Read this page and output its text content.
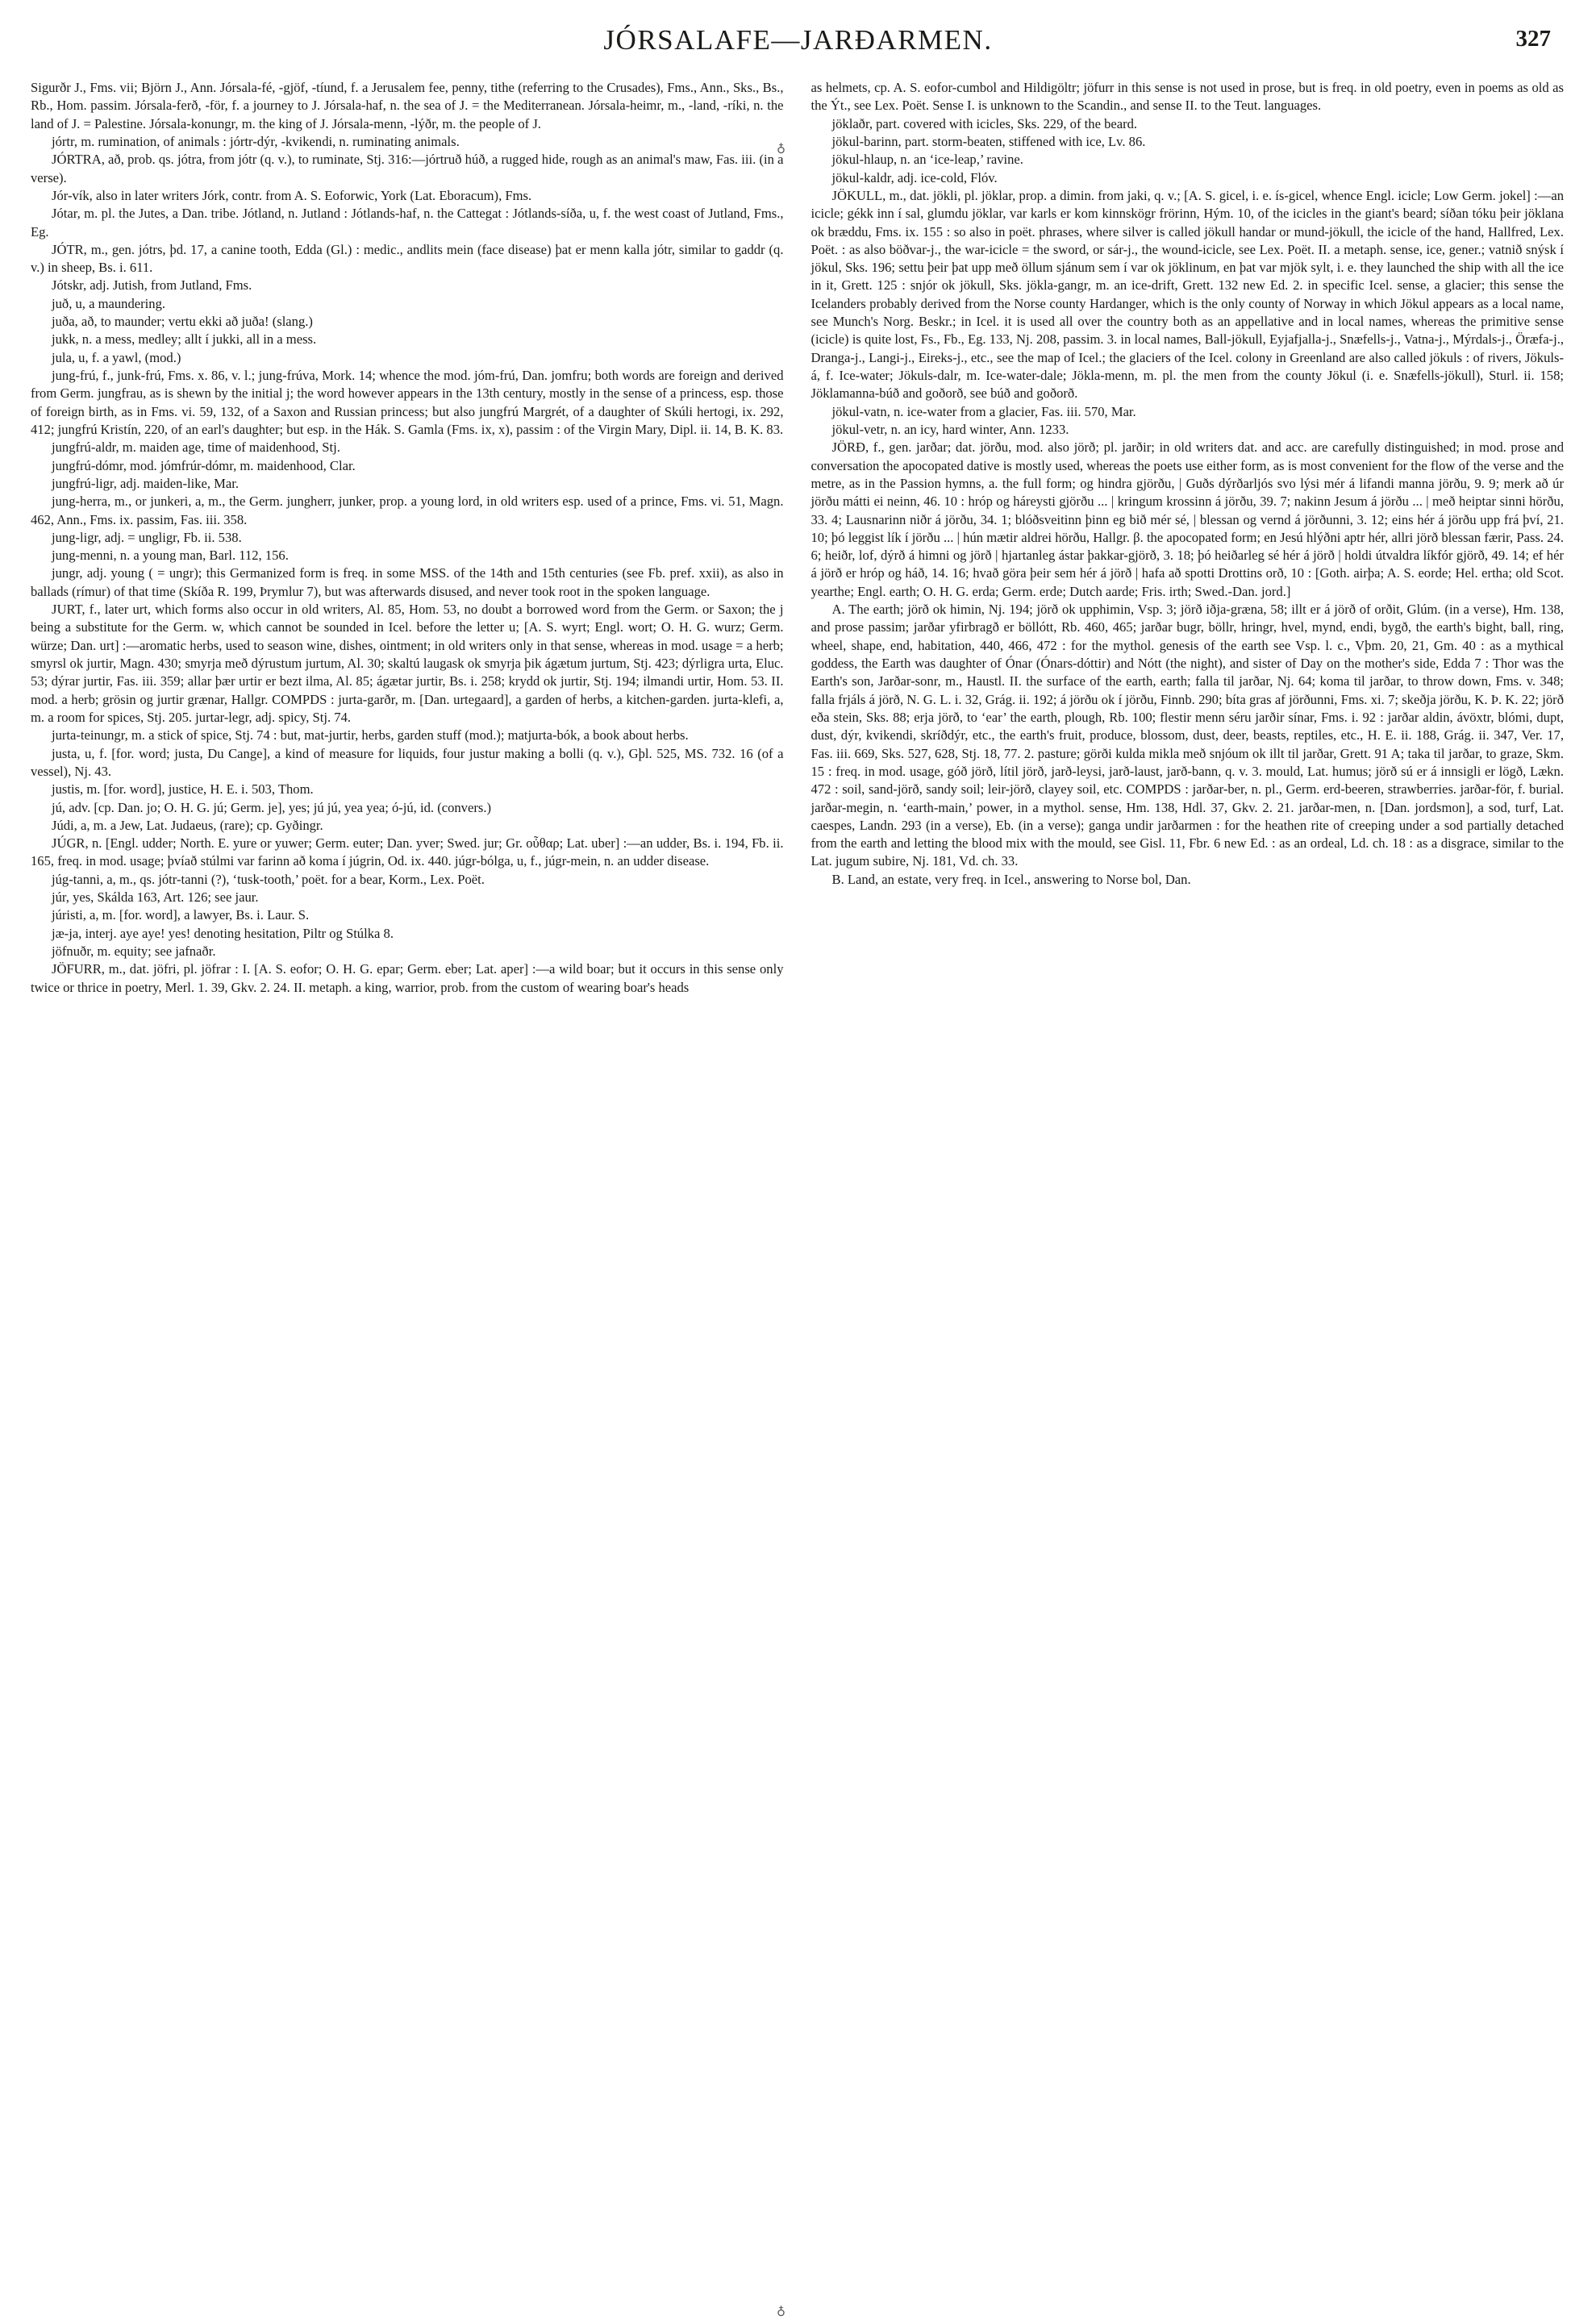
JÓRSALAFE—JARÐARMEN.	327
♁
♁

Sigurðr J., Fms. vii; Björn J., Ann. Jórsala-fé, -gjöf, -tíund, f. a Jerusalem fee, penny, tithe (referring to the Crusades), Fms., Ann., Sks., Bs., Rb., Hom. passim. Jórsala-ferð, -för, f. a journey to J. Jórsala-haf, n. the sea of J. = the Mediterranean. Jórsala-heimr, m., -land, -ríki, n. the land of J. = Palestine. Jórsala-konungr, m. the king of J. Jórsala-menn, -lýðr, m. the people of J.

jórtr, m. rumination, of animals : jórtr-dýr, -kvikendi, n. ruminating animals.

JÓRTRA, að, prob. qs. jótra, from jótr (q. v.), to ruminate, Stj. 316:—jórtruð húð, a rugged hide, rough as an animal's maw, Fas. iii. (in a verse).

Jór-vík, also in later writers Jórk, contr. from A. S. Eoforwic, York (Lat. Eboracum), Fms.

Jótar, m. pl. the Jutes, a Dan. tribe. Jótland, n. Jutland : Jótlands-haf, n. the Cattegat : Jótlands-síða, u, f. the west coast of Jutland, Fms., Eg.

JÓTR, m., gen. jótrs, þd. 17, a canine tooth, Edda (Gl.) : medic., andlits mein (face disease) þat er menn kalla jótr, similar to gaddr (q. v.) in sheep, Bs. i. 611.

Jótskr, adj. Jutish, from Jutland, Fms.

juð, u, a maundering.

juða, að, to maunder; vertu ekki að juða! (slang.)

jukk, n. a mess, medley; allt í jukki, all in a mess.

jula, u, f. a yawl, (mod.)

jung-frú, f., junk-frú, Fms. x. 86, v. l.; jung-frúva, Mork. 14; whence the mod. jóm-frú, Dan. jomfru; both words are foreign and derived from Germ. jungfrau, as is shewn by the initial j; the word however appears in the 13th century, mostly in the sense of a princess, esp. those of foreign birth, as in Fms. vi. 59, 132, of a Saxon and Russian princess; but also jungfrú Margrét, of a daughter of Skúli hertogi, ix. 292, 412; jungfrú Kristín, 220, of an earl's daughter; but esp. in the Hák. S. Gamla (Fms. ix, x), passim : of the Virgin Mary, Dipl. ii. 14, B. K. 83.

jungfrú-aldr, m. maiden age, time of maidenhood, Stj.

jungfrú-dómr, mod. jómfrúr-dómr, m. maidenhood, Clar.

jungfrú-ligr, adj. maiden-like, Mar.

jung-herra, m., or junkeri, a, m., the Germ. jungherr, junker, prop. a young lord, in old writers esp. used of a prince, Fms. vi. 51, Magn. 462, Ann., Fms. ix. passim, Fas. iii. 358.

jung-ligr, adj. = ungligr, Fb. ii. 538.

jung-menni, n. a young man, Barl. 112, 156.

jungr, adj. young ( = ungr); this Germanized form is freq. in some MSS. of the 14th and 15th centuries (see Fb. pref. xxii), as also in ballads (rímur) of that time (Skíða R. 199, Þrymlur 7), but was afterwards disused, and never took root in the spoken language.

JURT, f., later urt, which forms also occur in old writers, Al. 85, Hom. 53, no doubt a borrowed word from the Germ. or Saxon; the j being a substitute for the Germ. w, which cannot be sounded in Icel. before the letter u; [A. S. wyrt; Engl. wort; O. H. G. wurz; Germ. würze; Dan. urt] :—aromatic herbs, used to season wine, dishes, ointment; in old writers only in that sense, whereas in mod. usage = a herb; smyrsl ok jurtir, Magn. 430; smyrja með dýrustum jurtum, Al. 30; skaltú laugask ok smyrja þik ágætum jurtum, Stj. 423; dýrligra urta, Eluc. 53; dýrar jurtir, Fas. iii. 359; allar þær urtir er bezt ilma, Al. 85; ágætar jurtir, Bs. i. 258; krydd ok jurtir, Stj. 194; ilmandi urtir, Hom. 53. II. mod. a herb; grösin og jurtir grænar, Hallgr. COMPDS : jurta-garðr, m. [Dan. urtegaard], a garden of herbs, a kitchen-garden. jurta-klefi, a, m. a room for spices, Stj. 205. jurtar-legr, adj. spicy, Stj. 74.

jurta-teinungr, m. a stick of spice, Stj. 74 : but, mat-jurtir, herbs, garden stuff (mod.); matjurta-bók, a book about herbs.

justa, u, f. [for. word; justa, Du Cange], a kind of measure for liquids, four justur making a bolli (q. v.), Gþl. 525, MS. 732. 16 (of a vessel), Nj. 43.

justis, m. [for. word], justice, H. E. i. 503, Thom.

jú, adv. [cp. Dan. jo; O. H. G. jú; Germ. je], yes; jú jú, yea yea; ó-jú, id. (convers.)

Júdi, a, m. a Jew, Lat. Judaeus, (rare); cp. Gyðingr.

JÚGR, n. [Engl. udder; North. E. yure or yuwer; Germ. euter; Dan. yver; Swed. jur; Gr. οὖθαρ; Lat. uber] :—an udder, Bs. i. 194, Fb. ii. 165, freq. in mod. usage; þvíað stúlmi var farinn að koma í júgrin, Od. ix. 440. júgr-bólga, u, f., júgr-mein, n. an udder disease.

júg-tanni, a, m., qs. jótr-tanni (?), ‘tusk-tooth,’ poët. for a bear, Korm., Lex. Poët.

júr, yes, Skálda 163, Art. 126; see jaur.

júristi, a, m. [for. word], a lawyer, Bs. i. Laur. S.

jæ-ja, interj. aye aye! yes! denoting hesitation, Piltr og Stúlka 8.

jöfnuðr, m. equity; see jafnaðr.

JÖFURR, m., dat. jöfri, pl. jöfrar : I. [A. S. eofor; O. H. G. epar; Germ. eber; Lat. aper] :—a wild boar; but it occurs in this sense only twice or thrice in poetry, Merl. 1. 39, Gkv. 2. 24. II. metaph. a king, warrior, prob. from the custom of wearing boar's heads

as helmets, cp. A. S. eofor-cumbol and Hildigöltr; jöfurr in this sense is not used in prose, but is freq. in old poetry, even in poems as old as the Ýt., see Lex. Poët. Sense I. is unknown to the Scandin., and sense II. to the Teut. languages.

jöklaðr, part. covered with icicles, Sks. 229, of the beard.

jökul-barinn, part. storm-beaten, stiffened with ice, Lv. 86.

jökul-hlaup, n. an ‘ice-leap,’ ravine.

jökul-kaldr, adj. ice-cold, Flóv.

JÖKULL, m., dat. jökli, pl. jöklar, prop. a dimin. from jaki, q. v.; [A. S. gicel, i. e. ís-gicel, whence Engl. icicle; Low Germ. jokel] :—an icicle; gékk inn í sal, glumdu jöklar, var karls er kom kinnskögr frörinn, Hým. 10, of the icicles in the giant's beard; síðan tóku þeir jöklana ok bræddu, Fms. ix. 155 : so also in poët. phrases, where silver is called jökull handar or mund-jökull, the icicle of the hand, Hallfred, Lex. Poët. : as also böðvar-j., the war-icicle = the sword, or sár-j., the wound-icicle, see Lex. Poët. II. a metaph. sense, ice, gener.; vatnið snýsk í jökul, Sks. 196; settu þeir þat upp með öllum sjánum sem í var ok jöklinum, en þat var mjök sylt, i. e. they launched the ship with all the ice in it, Grett. 125 : snjór ok jökull, Sks. jökla-gangr, m. an ice-drift, Grett. 132 new Ed. 2. in specific Icel. sense, a glacier; this sense the Icelanders probably derived from the Norse county Hardanger, which is the only county of Norway in which Jökul appears as a local name, see Munch's Norg. Beskr.; in Icel. it is used all over the country both as an appellative and in local names, whereas the primitive sense (icicle) is quite lost, Fs., Fb., Eg. 133, Nj. 208, passim. 3. in local names, Ball-jökull, Eyjafjalla-j., Snæfells-j., Vatna-j., Mýrdals-j., Öræfa-j., Dranga-j., Langi-j., Eireks-j., etc., see the map of Icel.; the glaciers of the Icel. colony in Greenland are also called jökuls : of rivers, Jökuls-á, f. Ice-water; Jökuls-dalr, m. Ice-water-dale; Jökla-menn, m. pl. the men from the county Jökul (i. e. Snæfells-jökull), Sturl. ii. 158; Jöklamanna-búð and goðorð, see búð and goðorð.

jökul-vatn, n. ice-water from a glacier, Fas. iii. 570, Mar.

jökul-vetr, n. an icy, hard winter, Ann. 1233.

JÖRÐ, f., gen. jarðar; dat. jörðu, mod. also jörð; pl. jarðir; in old writers dat. and acc. are carefully distinguished; in mod. prose and conversation the apocopated dative is mostly used, whereas the poets use either form, as is most convenient for the flow of the verse and the metre, as in the Passion hymns, a. the full form; og hindra gjörðu, | Guðs dýrðarljós svo lýsi mér á lifandi manna jörðu, 9. 9; merk að úr jörðu mátti ei neinn, 46. 10 : hróp og háreysti gjörðu ... | kringum krossinn á jörðu, 39. 7; nakinn Jesum á jörðu ... | með heiptar sinni hörðu, 33. 4; Lausnarinn niðr á jörðu, 34. 1; blóðsveitinn þinn eg bið mér sé, | blessan og vernd á jörðunni, 3. 12; eins hér á jörðu upp frá því, 21. 10; þó leggist lík í jörðu ... | hún mætir aldrei hörðu, Hallgr. β. the apocopated form; en Jesú hlýðni aptr hér, allri jörð blessan færir, Pass. 24. 6; heiðr, lof, dýrð á himni og jörð | hjartanleg ástar þakkar-gjörð, 3. 18; þó heiðarleg sé hér á jörð | holdi útvaldra líkfór gjörð, 49. 14; ef hér á jörð er hróp og háð, 14. 16; hvað göra þeir sem hér á jörð | hafa að spotti Drottins orð, 10 : [Goth. airþa; A. S. eorde; Hel. ertha; old Scot. yearthe; Engl. earth; O. H. G. erda; Germ. erde; Dutch aarde; Fris. irth; Swed.-Dan. jord.]

A. The earth; jörð ok himin, Nj. 194; jörð ok upphimin, Vsp. 3; jörð iðja-græna, 58; illt er á jörð of orðit, Glúm. (in a verse), Hm. 138, and prose passim; jarðar yfirbragð er böllótt, Rb. 460, 465; jarðar bugr, böllr, hringr, hvel, mynd, endi, bygð, the earth's bight, ball, ring, wheel, shape, end, habitation, 440, 466, 472 : for the mythol. genesis of the earth see Vsp. l. c., Vþm. 20, 21, Gm. 40 : as a mythical goddess, the Earth was daughter of Ónar (Ónars-dóttir) and Nótt (the night), and sister of Day on the mother's side, Edda 7 : Thor was the Earth's son, Jarðar-sonr, m., Haustl. II. the surface of the earth, earth; falla til jarðar, Nj. 64; koma til jarðar, to throw down, Fms. v. 348; falla frjáls á jörð, N. G. L. i. 32, Grág. ii. 192; á jörðu ok í jörðu, Finnb. 290; bíta gras af jörðunni, Fms. xi. 7; skeðja jörðu, K. Þ. K. 22; jörð eða stein, Sks. 88; erja jörð, to ‘ear’ the earth, plough, Rb. 100; flestir menn séru jarðir sínar, Fms. i. 92 : jarðar aldin, ávöxtr, blómi, dupt, dust, dýr, kvikendi, skríðdýr, etc., the earth's fruit, produce, blossom, dust, deer, beasts, reptiles, etc., H. E. ii. 188, Grág. ii. 347, Ver. 17, Fas. iii. 669, Sks. 527, 628, Stj. 18, 77. 2. pasture; görði kulda mikla með snjóum ok illt til jarðar, Grett. 91 A; taka til jarðar, to graze, Skm. 15 : freq. in mod. usage, góð jörð, lítil jörð, jarð-leysi, jarð-laust, jarð-bann, q. v. 3. mould, Lat. humus; jörð sú er á innsigli er lögð, Lækn. 472 : soil, sand-jörð, sandy soil; leir-jörð, clayey soil, etc. COMPDS : jarðar-ber, n. pl., Germ. erd-beeren, strawberries. jarðar-för, f. burial. jarðar-megin, n. ‘earth-main,’ power, in a mythol. sense, Hm. 138, Hdl. 37, Gkv. 2. 21. jarðar-men, n. [Dan. jordsmon], a sod, turf, Lat. caespes, Landn. 293 (in a verse), Eb. (in a verse); ganga undir jarðarmen : for the heathen rite of creeping under a sod partially detached from the earth and letting the blood mix with the mould, see Gisl. 11, Fbr. 6 new Ed. : as an ordeal, Ld. ch. 18 : as a disgrace, similar to the Lat. jugum subire, Nj. 181, Vd. ch. 33.

B. Land, an estate, very freq. in Icel., answering to Norse bol, Dan.
